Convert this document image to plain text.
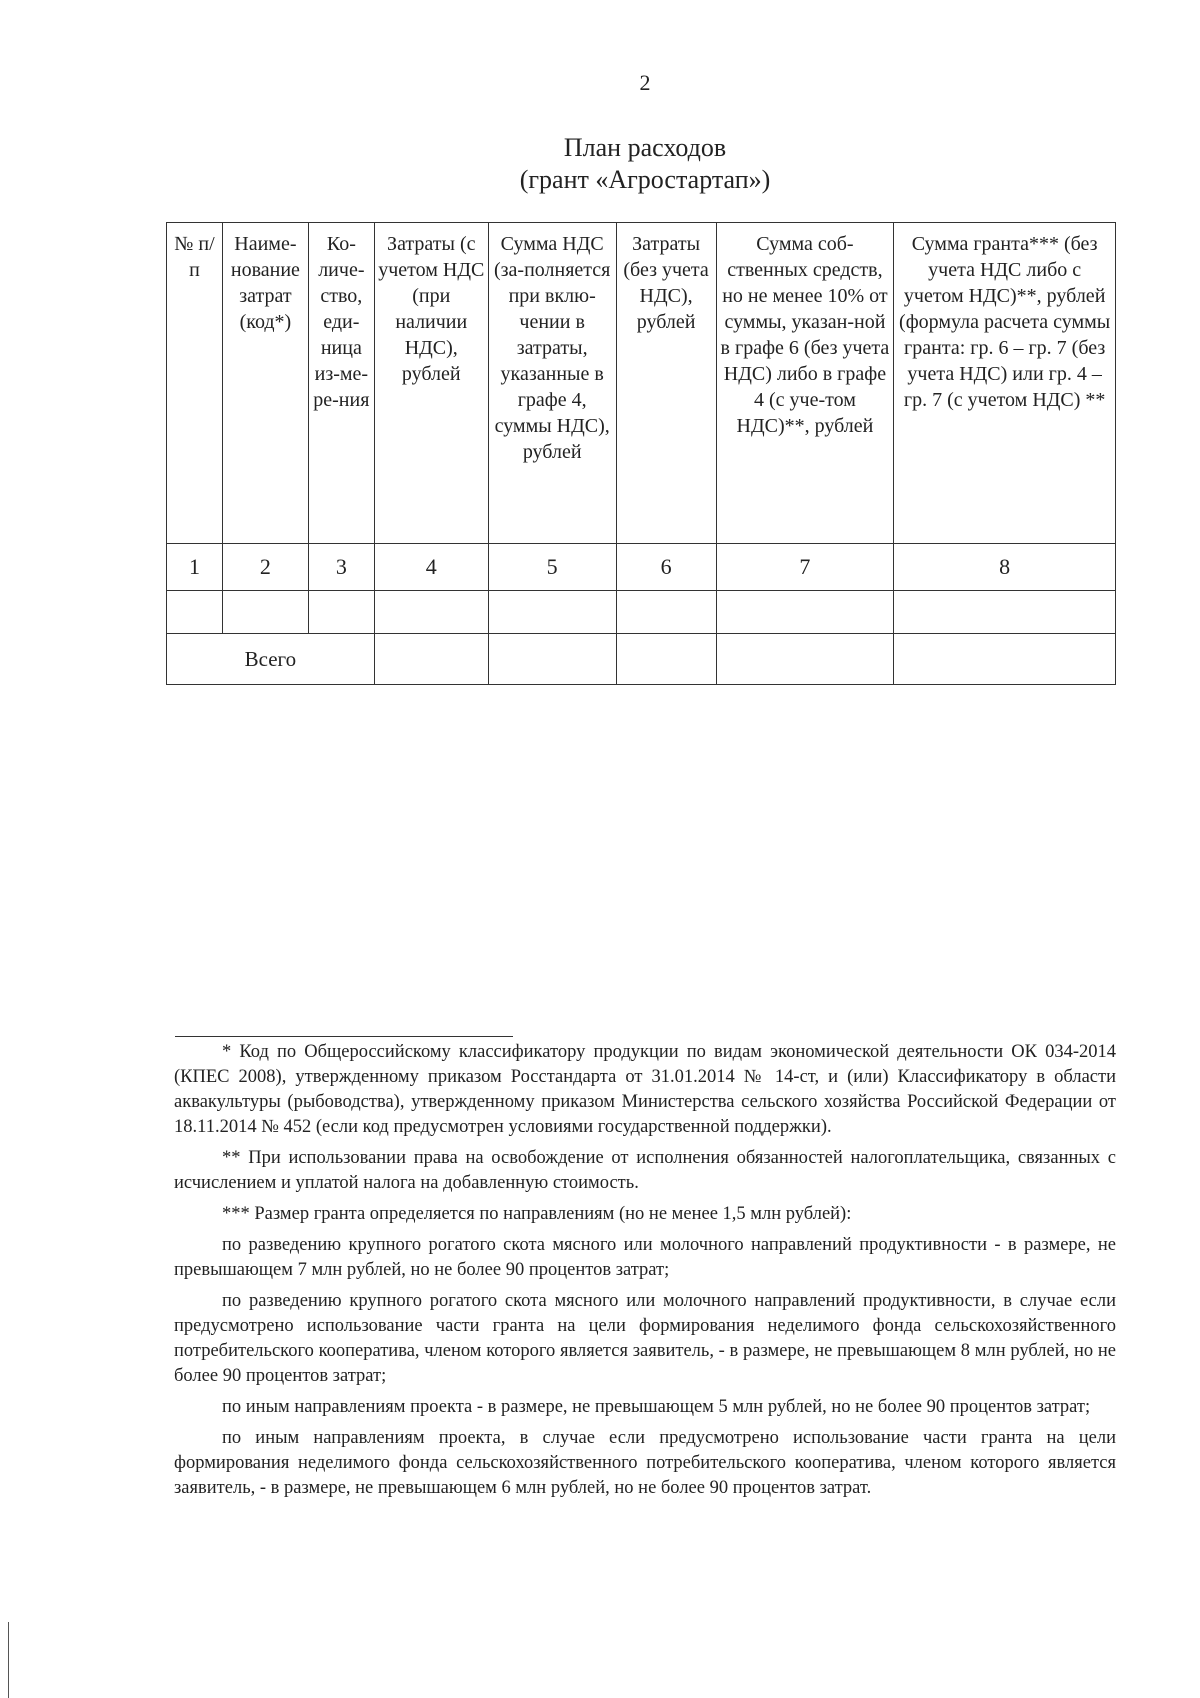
2
План расходов
(грант «Агростартап»)
№ п/п	Наиме-нование затрат (код*)	Ко-личе-ство, еди-ница из-ме-ре-ния	Затраты (с учетом НДС (при наличии НДС), рублей	Сумма НДС (за-полняется при вклю-чении в затраты, указанные в графе 4, суммы НДС), рублей	Затраты (без учета НДС), рублей	Сумма соб-ственных средств, но не менее 10% от суммы, указан-ной в графе 6 (без учета НДС) либо в графе 4 (с уче-том НДС)**, рублей	Сумма гранта*** (без учета НДС либо с учетом НДС)**, рублей (формула расчета суммы гранта: гр. 6 – гр. 7 (без учета НДС) или гр. 4 – гр. 7 (с учетом НДС) **
1	2	3	4	5	6	7	8

Всего							

* Код по Общероссийскому классификатору продукции по видам экономической деятельности ОК 034-2014 (КПЕС 2008), утвержденному приказом Росстандарта от 31.01.2014 № 14-ст, и (или) Классификатору в области аквакультуры (рыбоводства), утвержденному приказом Министерства сельского хозяйства Российской Федерации от 18.11.2014 № 452 (если код предусмотрен условиями государственной поддержки).

** При использовании права на освобождение от исполнения обязанностей налогоплательщика, связанных с исчислением и уплатой налога на добавленную стоимость.

*** Размер гранта определяется по направлениям (но не менее 1,5 млн рублей):

по разведению крупного рогатого скота мясного или молочного направлений продуктивности - в размере, не превышающем 7 млн рублей, но не более 90 процентов затрат;

по разведению крупного рогатого скота мясного или молочного направлений продуктивности, в случае если предусмотрено использование части гранта на цели формирования неделимого фонда сельскохозяйственного потребительского кооператива, членом которого является заявитель, - в размере, не превышающем 8 млн рублей, но не более 90 процентов затрат;

по иным направлениям проекта - в размере, не превышающем 5 млн рублей, но не более 90 процентов затрат;

по иным направлениям проекта, в случае если предусмотрено использование части гранта на цели формирования неделимого фонда сельскохозяйственного потребительского кооператива, членом которого является заявитель, - в размере, не превышающем 6 млн рублей, но не более 90 процентов затрат.
